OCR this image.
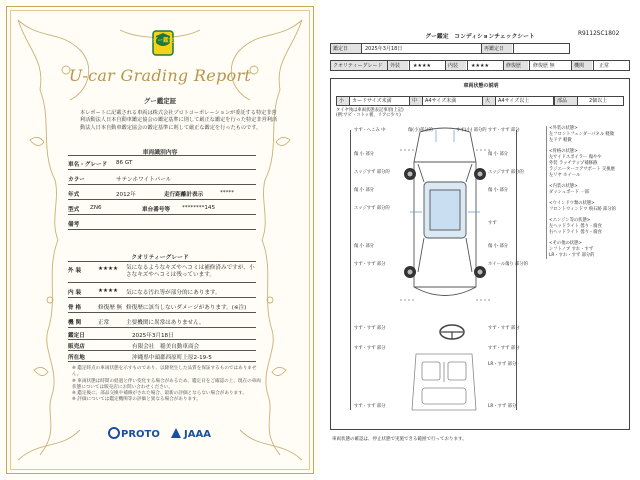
グー鑑定
U-car Grading Report
グー鑑定証
本レポートに記載される車両は株式会社プロトコーポレーションが委託する特定非営利活動法人日本自動車鑑定協会の鑑定基準に則して厳正な鑑定を行った特定非営利活動法人日本自動車鑑定協会の鑑定基準に則して厳正な鑑定を行ったものです。
車両識別内容
車名・グレード 86 GT
カラー	サテンホワイトパール
年式	2012年	走行距離計表示	*****
型式 ZN6	車台番号等 ********145
備考
クオリティーグレード
外 装	★★★★ 気になるようなキズやヘコミは補修済みですが、小さなキズやヘコミは残っています。
内 装	★★★★ 気になる汚れ等が部分的にあります。
骨 格	修復歴 無 修復歴に該当しないダメージがあります。(※注)
機 関	正常	主要機関に異常はありません。
鑑定日	2025年3月18日
販売店	有限会社　稲美自動車商会
所在地	沖縄県中頭郡西原町上原2-19-5
※ 鑑定時点の車両状態を示すものであり、以降発生した品質を保証するものではありません。
※ 車両状態は時間の経過と伴い変化する場合があるため、鑑定日をご確認の上、現在の車両状態については販売店にお問い合わせください。
※ 鑑定後に、部品交換や補修がされた場合、最新の評価とならない場合があります。
※ 評価については鑑定機関等の評価と異なる場合があります。
PROTO JAAA
グー鑑定　コンディションチェックシート	R9112SC1802
鑑定日	2025年3月18日	再鑑定日
クオリティーグレード	外装	★★★★	内装	★★★★	修復歴	修復歴 無	機関	正常
車両状態の説明
小	カードサイズ未満	中	A4サイズ未満	大	A4サイズ以上	部品	2個以上
タイヤ残は車両状態表記事項(上記)
(例:サビ・コトッ板、リアに少々)
すず・へこみ 中	傷(小)部分的	すず(小) 部分的 すず・すず 部分
傷 小 部分	傷 小 部分
エッジすず 部分的	エッジすず 部分的
傷 小 部分	傷 小 部分
エッジすず 部分的
すず
傷 小 部分	傷 小 部分
すず・すず 部分	ホイール傷り 部分的
すず・すず 部分	すず・すず 部分
すず・すず 部分	すず・すず 部分
LR・すず 部分
すず・すず 部分	LR・すず 部分
<外装の状態>
左フロントフェンダーパネル 軽微
左ドア 軽微
<骨格の状態>
左サイドスポイラー 傷やや
外装 ラッチアップ補修跡
ラジエーターコアサポート 交換歴
左リヤ ホイール
<内装の状態>
ダッシュボード 一部
<ウインドウ類の状態>
フロントウィンドウ 飛石跡 部分的
<エンジン等の状態>
左ヘッドライト 曇り・腐食
右ヘッドライト 曇り・腐食
<その他の状態>
シフトノブ すれ・すず
LR・すれ・すず 部分的
車両状態の確認は、停止状態で実施できる範囲で行っております。
